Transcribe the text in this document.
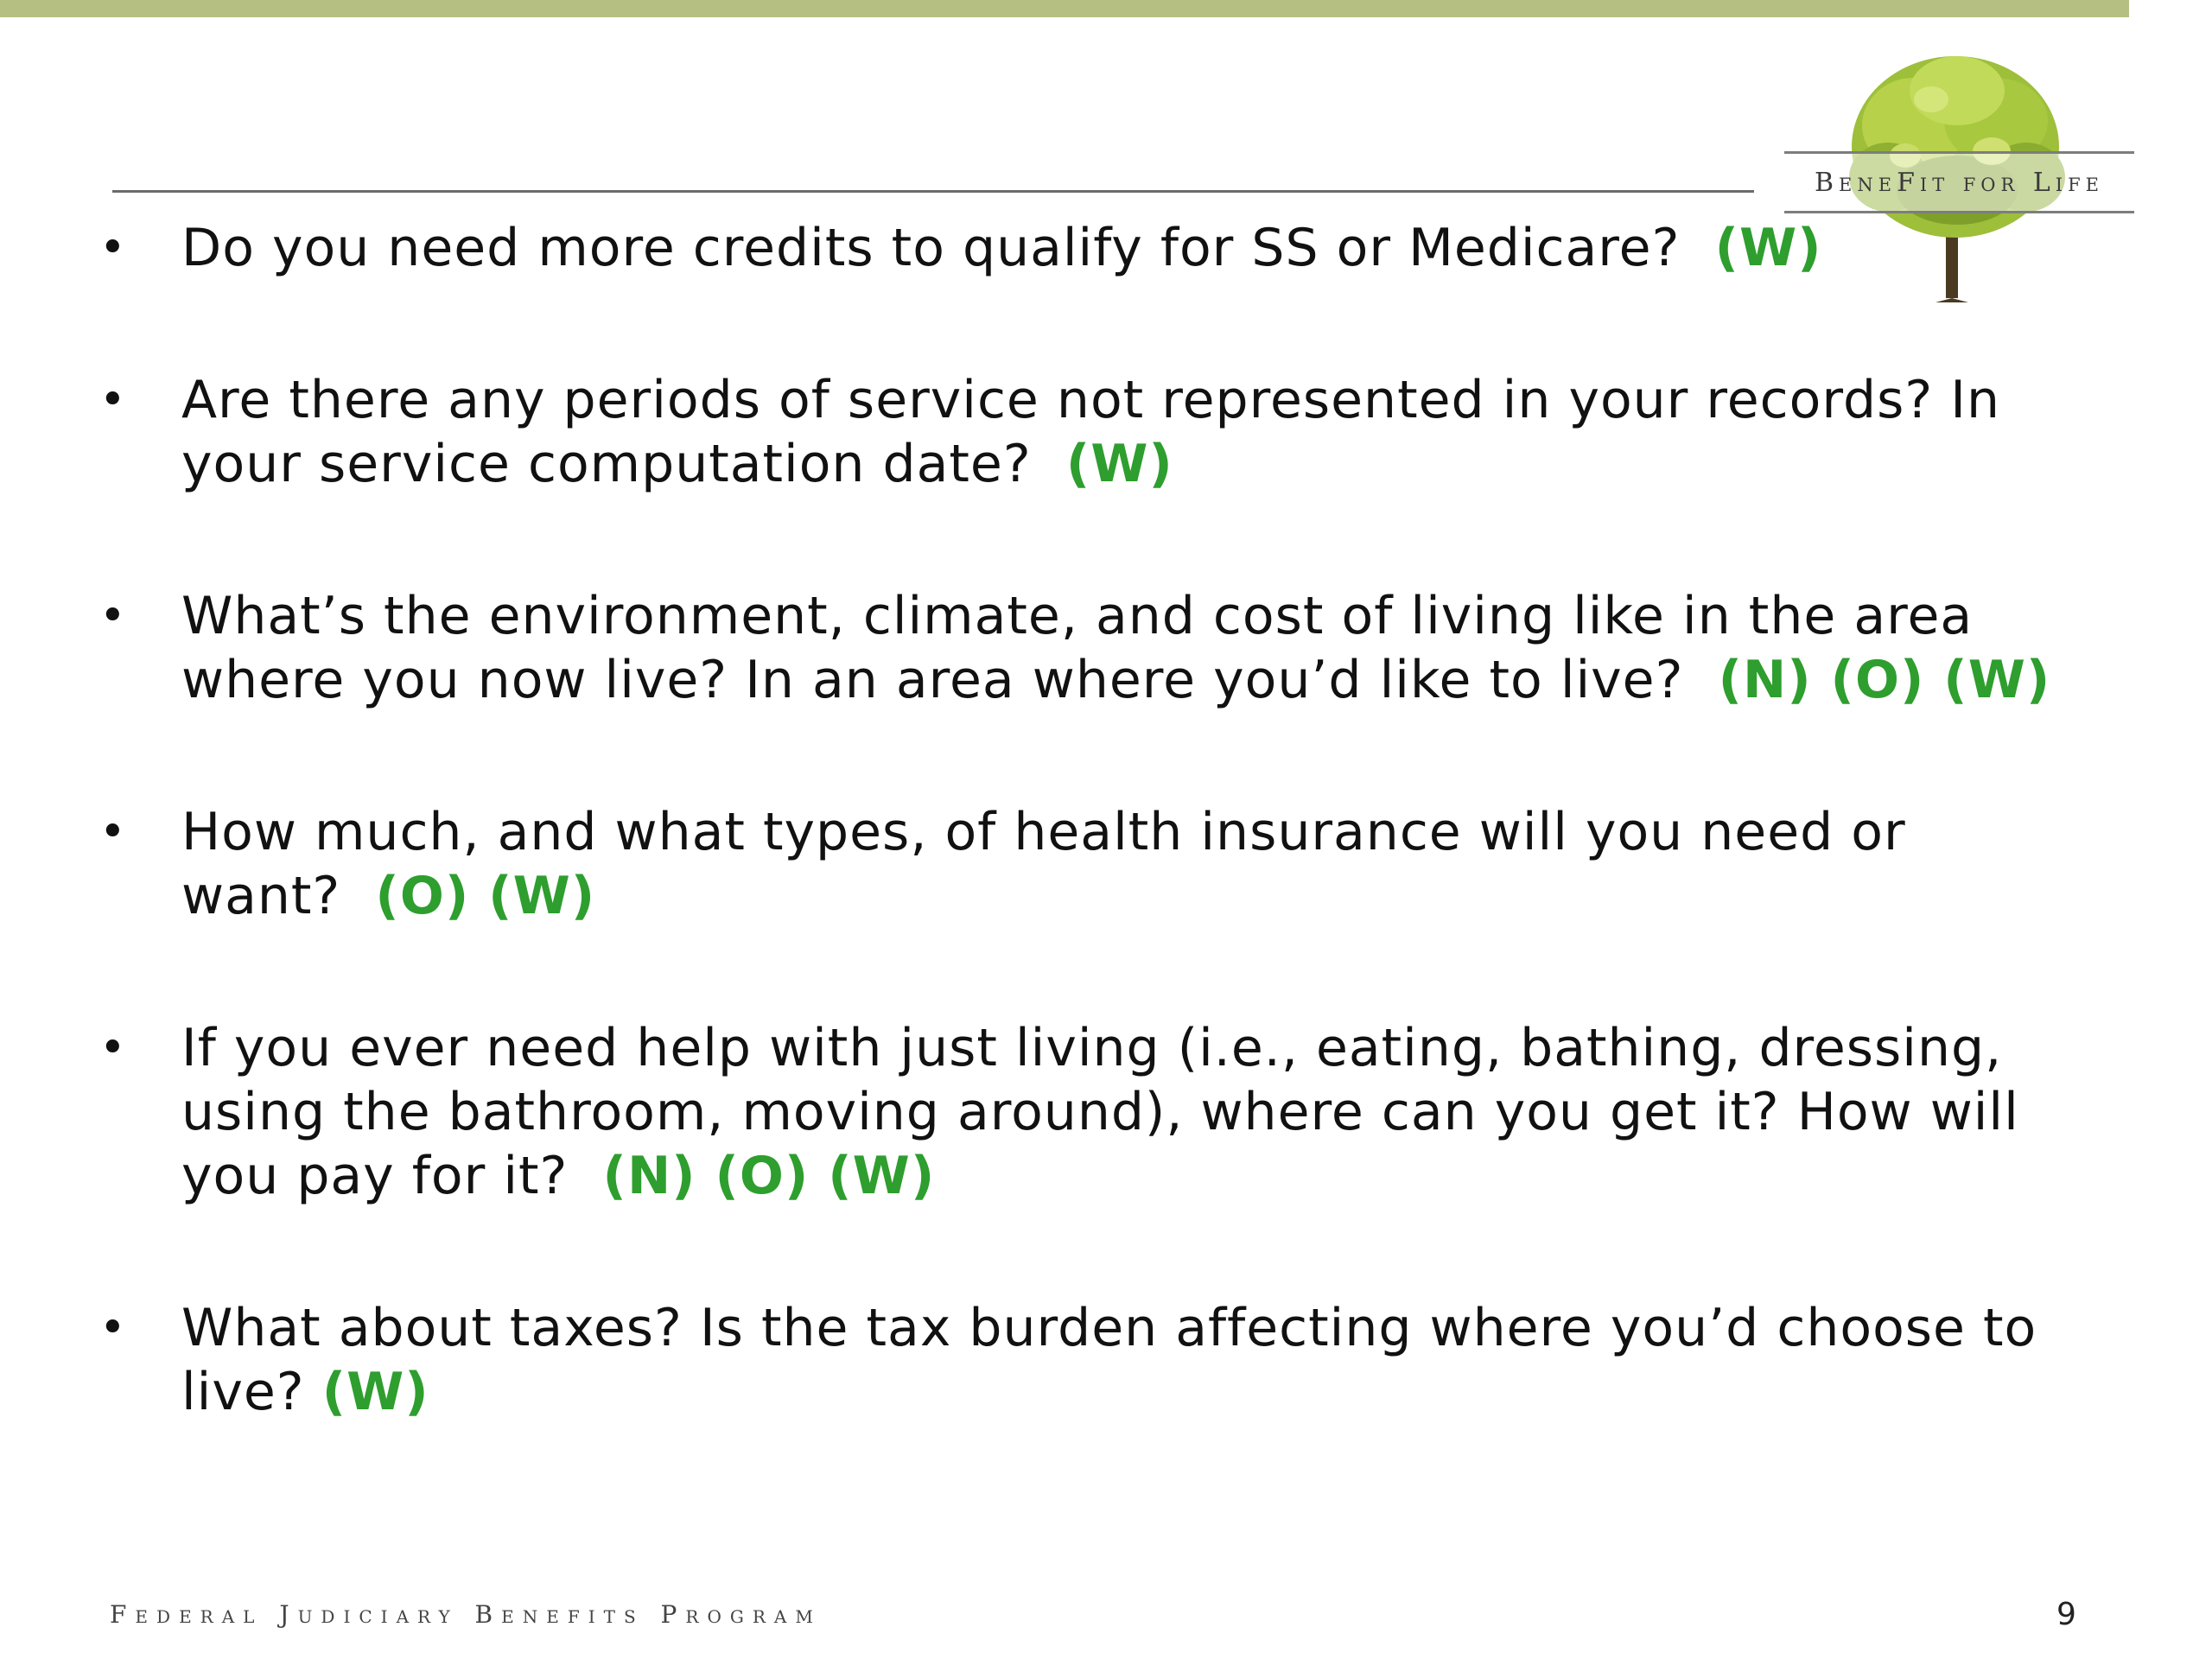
BeneFit for Life
• Do you need more credits to qualify for SS or Medicare? (W)
• Are there any periods of service not represented in your records? In your service computation date? (W)
• What’s the environment, climate, and cost of living like in the area where you now live? In an area where you’d like to live? (N) (O) (W)
• How much, and what types, of health insurance will you need or want? (O) (W)
• If you ever need help with just living (i.e., eating, bathing, dressing, using the bathroom, moving around), where can you get it? How will you pay for it? (N) (O) (W)
• What about taxes? Is the tax burden affecting where you’d choose to live? (W)
Federal Judiciary Benefits Program	9
